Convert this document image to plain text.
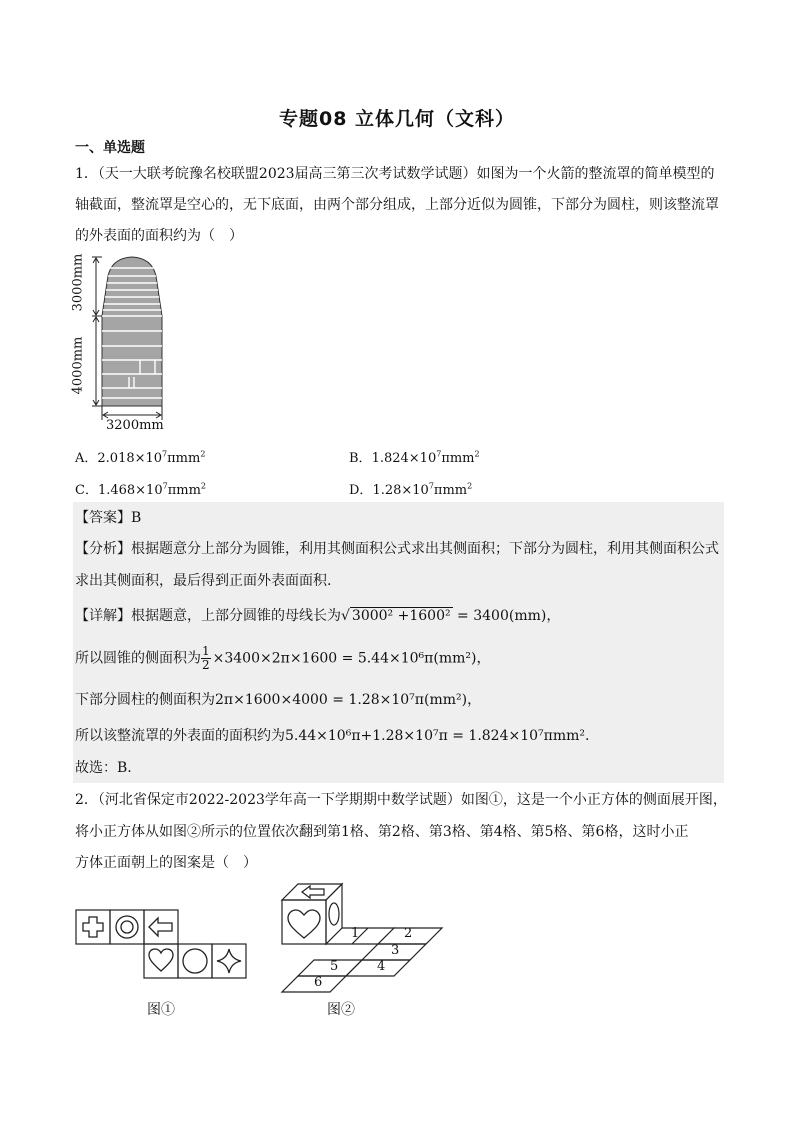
专题08 立体几何（文科）
一、单选题
1．（天一大联考皖豫名校联盟2023届高三第三次考试数学试题）如图为一个火箭的整流罩的简单模型的
轴截面，整流罩是空心的，无下底面，由两个部分组成，上部分近似为圆锥，下部分为圆柱，则该整流罩
的外表面的面积约为（　）
3000mm
4000mm
3200mm
A．$2.018\times 10^7\pi mm^2$	B．$1.824\times 10^7\pi mm^2$
C．$1.468\times 10^7\pi mm^2$	D．$1.28\times 10^7\pi mm^2$
【答案】B
【分析】根据题意分上部分为圆锥，利用其侧面积公式求出其侧面积；下部分为圆柱，利用其侧面积公式
求出其侧面积，最后得到正面外表面面积.
【详解】根据题意，上部分圆锥的母线长为√ 3000² +1600² = 3400(mm)，
所以圆锥的侧面积为 $\frac{1}{2} \times 3400\times 2\pi\times 1600 = 5.44\times 10^6\pi(mm^2)$，
下部分圆柱的侧面积为2π×1600×4000 = 1.28×10⁷π(mm²)，
所以该整流罩的外表面的面积约为5.44×10⁶π+1.28×10⁷π = 1.824×10⁷πmm².
故选：B.
2．（河北省保定市2022-2023学年高一下学期期中数学试题）如图①，这是一个小正方体的侧面展开图，
将小正方体从如图②所示的位置依次翻到第1格、第2格、第3格、第4格、第5格、第6格，这时小正
方体正面朝上的图案是（　）
图①
1	2
3
4
5
6
图②
